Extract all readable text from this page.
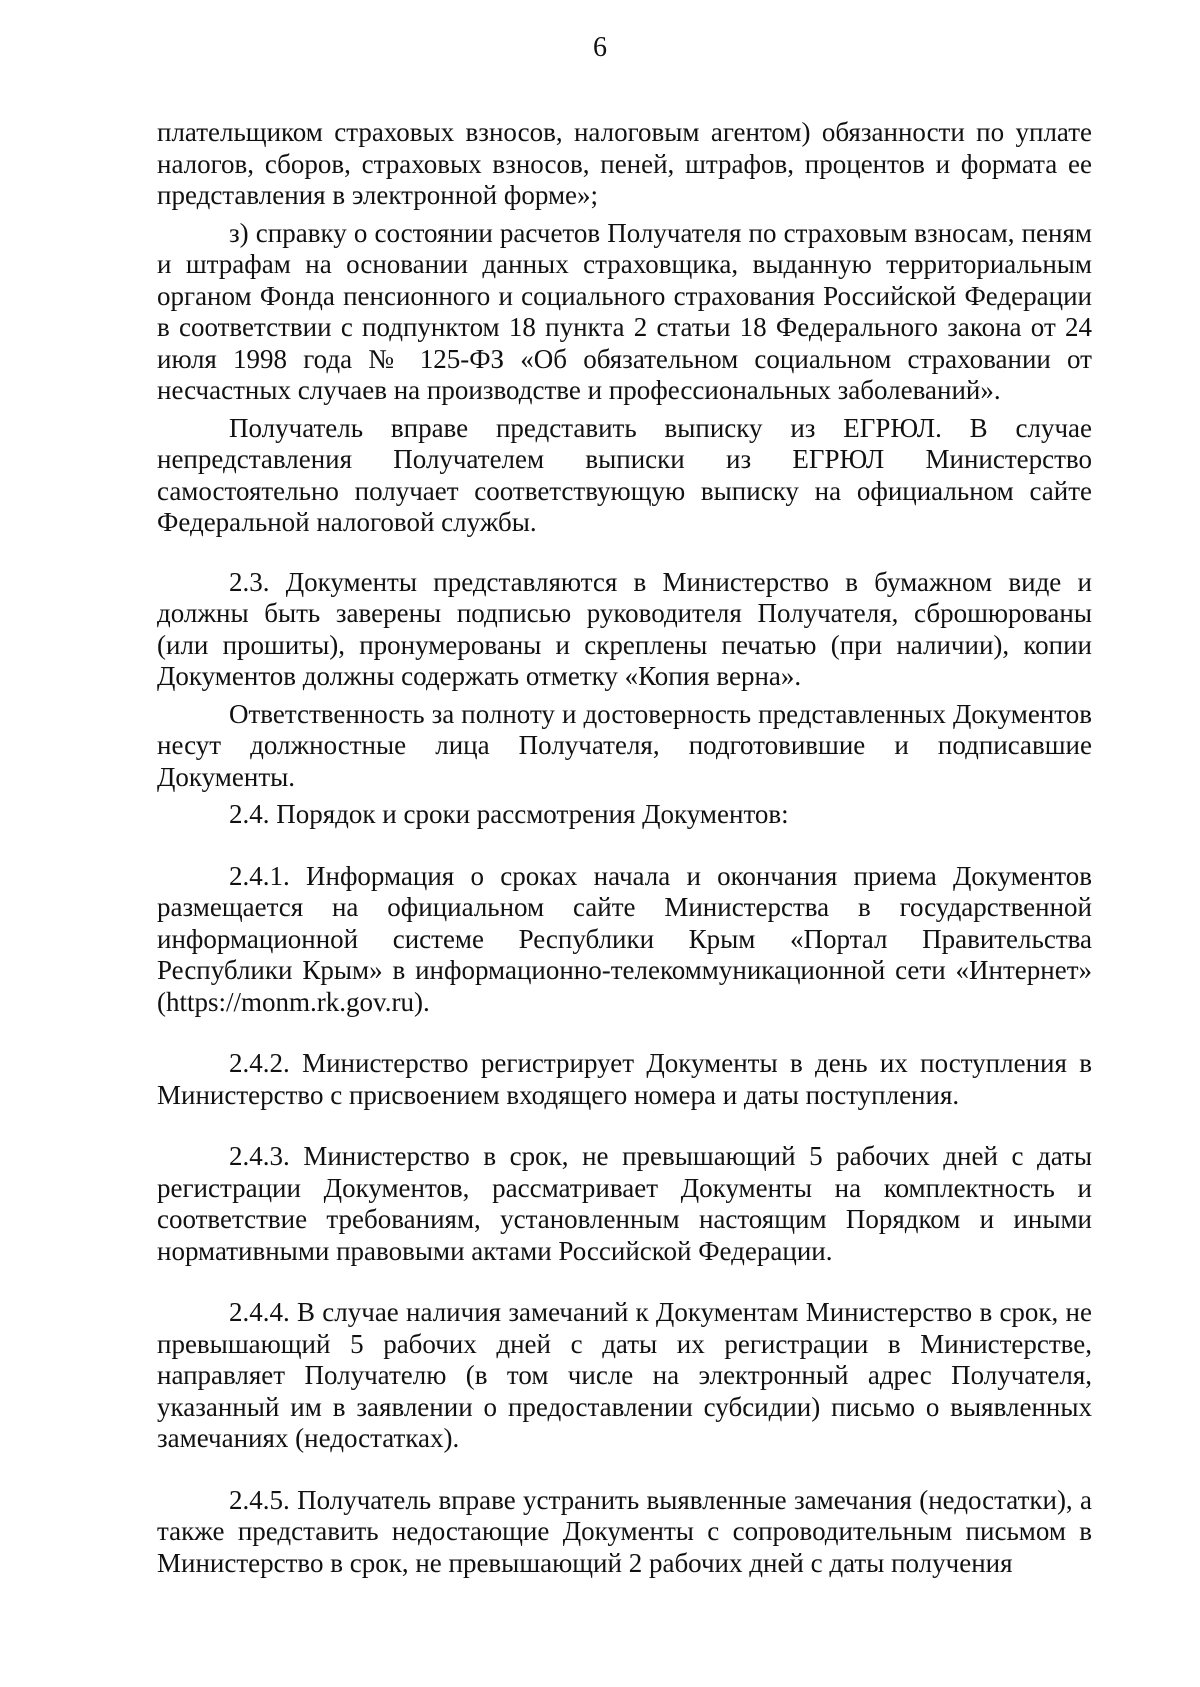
6

плательщиком страховых взносов, налоговым агентом) обязанности по уплате налогов, сборов, страховых взносов, пеней, штрафов, процентов и формата ее представления в электронной форме»;

з) справку о состоянии расчетов Получателя по страховым взносам, пеням и штрафам на основании данных страховщика, выданную территориальным органом Фонда пенсионного и социального страхования Российской Федерации в соответствии с подпунктом 18 пункта 2 статьи 18 Федерального закона от 24 июля 1998 года № 125-ФЗ «Об обязательном социальном страховании от несчастных случаев на производстве и профессиональных заболеваний».

Получатель вправе представить выписку из ЕГРЮЛ. В случае непредставления Получателем выписки из ЕГРЮЛ Министерство самостоятельно получает соответствующую выписку на официальном сайте Федеральной налоговой службы.

2.3. Документы представляются в Министерство в бумажном виде и должны быть заверены подписью руководителя Получателя, сброшюрованы (или прошиты), пронумерованы и скреплены печатью (при наличии), копии Документов должны содержать отметку «Копия верна».

Ответственность за полноту и достоверность представленных Документов несут должностные лица Получателя, подготовившие и подписавшие Документы.

2.4. Порядок и сроки рассмотрения Документов:

2.4.1. Информация о сроках начала и окончания приема Документов размещается на официальном сайте Министерства в государственной информационной системе Республики Крым «Портал Правительства Республики Крым» в информационно-телекоммуникационной сети «Интернет» (https://monm.rk.gov.ru).

2.4.2. Министерство регистрирует Документы в день их поступления в Министерство с присвоением входящего номера и даты поступления.

2.4.3. Министерство в срок, не превышающий 5 рабочих дней с даты регистрации Документов, рассматривает Документы на комплектность и соответствие требованиям, установленным настоящим Порядком и иными нормативными правовыми актами Российской Федерации.

2.4.4. В случае наличия замечаний к Документам Министерство в срок, не превышающий 5 рабочих дней с даты их регистрации в Министерстве, направляет Получателю (в том числе на электронный адрес Получателя, указанный им в заявлении о предоставлении субсидии) письмо о выявленных замечаниях (недостатках).

2.4.5. Получатель вправе устранить выявленные замечания (недостатки), а также представить недостающие Документы с сопроводительным письмом в Министерство в срок, не превышающий 2 рабочих дней с даты получения
